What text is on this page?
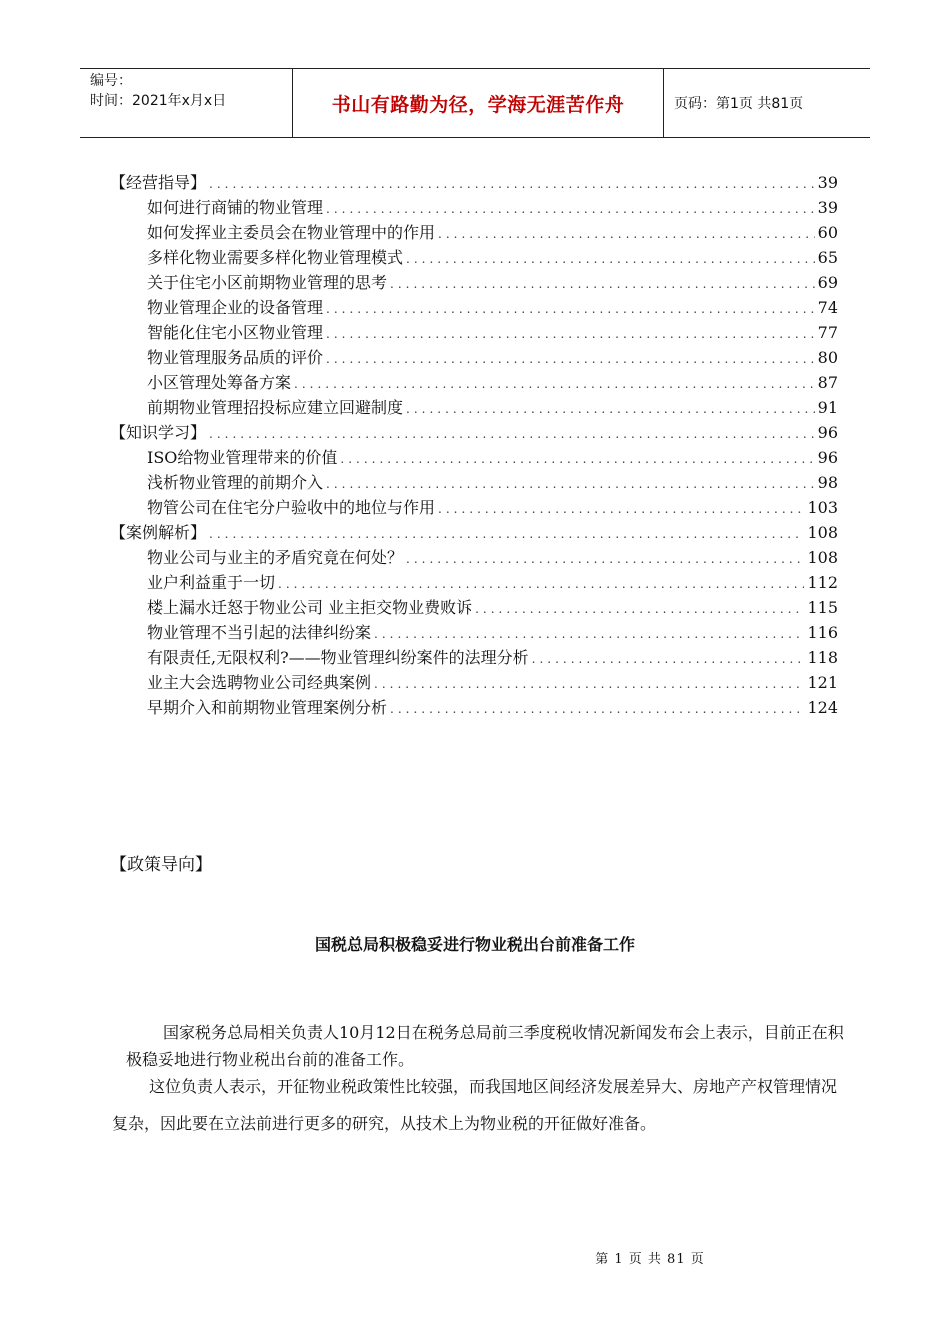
编号：
时间：2021年x月x日	书山有路勤为径，学海无涯苦作舟	页码：第1页 共81页
【经营指导】 .....	39
如何进行商铺的物业管理 .....	39
如何发挥业主委员会在物业管理中的作用 .....	60
多样化物业需要多样化物业管理模式 .....	65
关于住宅小区前期物业管理的思考 .....	69
物业管理企业的设备管理 .....	74
智能化住宅小区物业管理 .....	77
物业管理服务品质的评价 .....	80
小区管理处筹备方案 .....	87
前期物业管理招投标应建立回避制度 .....	91
【知识学习】 .....	96
ISO给物业管理带来的价值 .....	96
浅析物业管理的前期介入 .....	98
物管公司在住宅分户验收中的地位与作用 .....	103
【案例解析】 .....	108
物业公司与业主的矛盾究竟在何处？ .....	108
业户利益重于一切 .....	112
楼上漏水迁怒于物业公司 业主拒交物业费败诉 .....	115
物业管理不当引起的法律纠纷案 .....	116
有限责任,无限权利?——物业管理纠纷案件的法理分析 .....	118
业主大会选聘物业公司经典案例 .....	121
早期介入和前期物业管理案例分析 .....	124
【政策导向】
国税总局积极稳妥进行物业税出台前准备工作
国家税务总局相关负责人10月12日在税务总局前三季度税收情况新闻发布会上表示，目前正在积极稳妥地进行物业税出台前的准备工作。
这位负责人表示，开征物业税政策性比较强，而我国地区间经济发展差异大、房地产产权管理情况复杂，因此要在立法前进行更多的研究，从技术上为物业税的开征做好准备。
第 1 页 共 81 页
